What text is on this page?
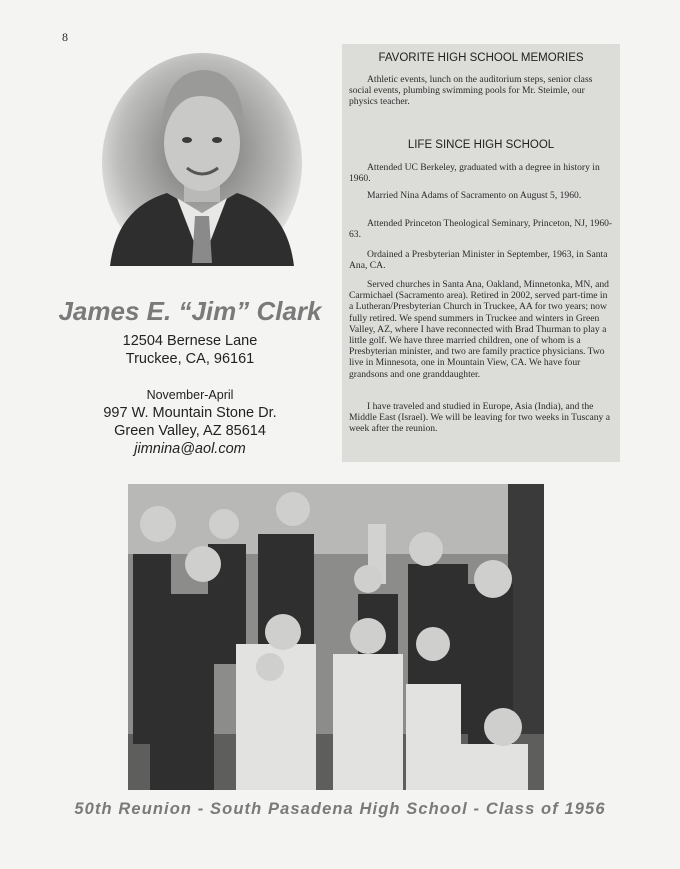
8
James E. “Jim” Clark
12504 Bernese Lane
Truckee, CA, 96161
November-April
997 W. Mountain Stone Dr.
Green Valley, AZ 85614
jimnina@aol.com
FAVORITE HIGH SCHOOL MEMORIES

Athletic events, lunch on the auditorium steps, senior class social events, plumbing swimming pools for Mr. Steimle, our physics teacher.

LIFE SINCE HIGH SCHOOL

Attended UC Berkeley, graduated with a degree in history in 1960.

Married Nina Adams of Sacramento on August 5, 1960.

Attended Princeton Theological Seminary, Princeton, NJ, 1960-63.

Ordained a Presbyterian Minister in September, 1963, in Santa Ana, CA.

Served churches in Santa Ana, Oakland, Minnetonka, MN, and Carmichael (Sacramento area). Retired in 2002, served part-time in a Lutheran/Presbyterian Church in Truckee, AA for two years; now fully retired. We spend summers in Truckee and winters in Green Valley, AZ, where I have reconnected with Brad Thurman to play a little golf. We have three married children, one of whom is a Presbyterian minister, and two are family practice physicians. Two live in Minnesota, one in Mountain View, CA. We have four grandsons and one granddaughter.

I have traveled and studied in Europe, Asia (India), and the Middle East (Israel). We will be leaving for two weeks in Tuscany a week after the reunion.

50th Reunion - South Pasadena High School - Class of 1956
